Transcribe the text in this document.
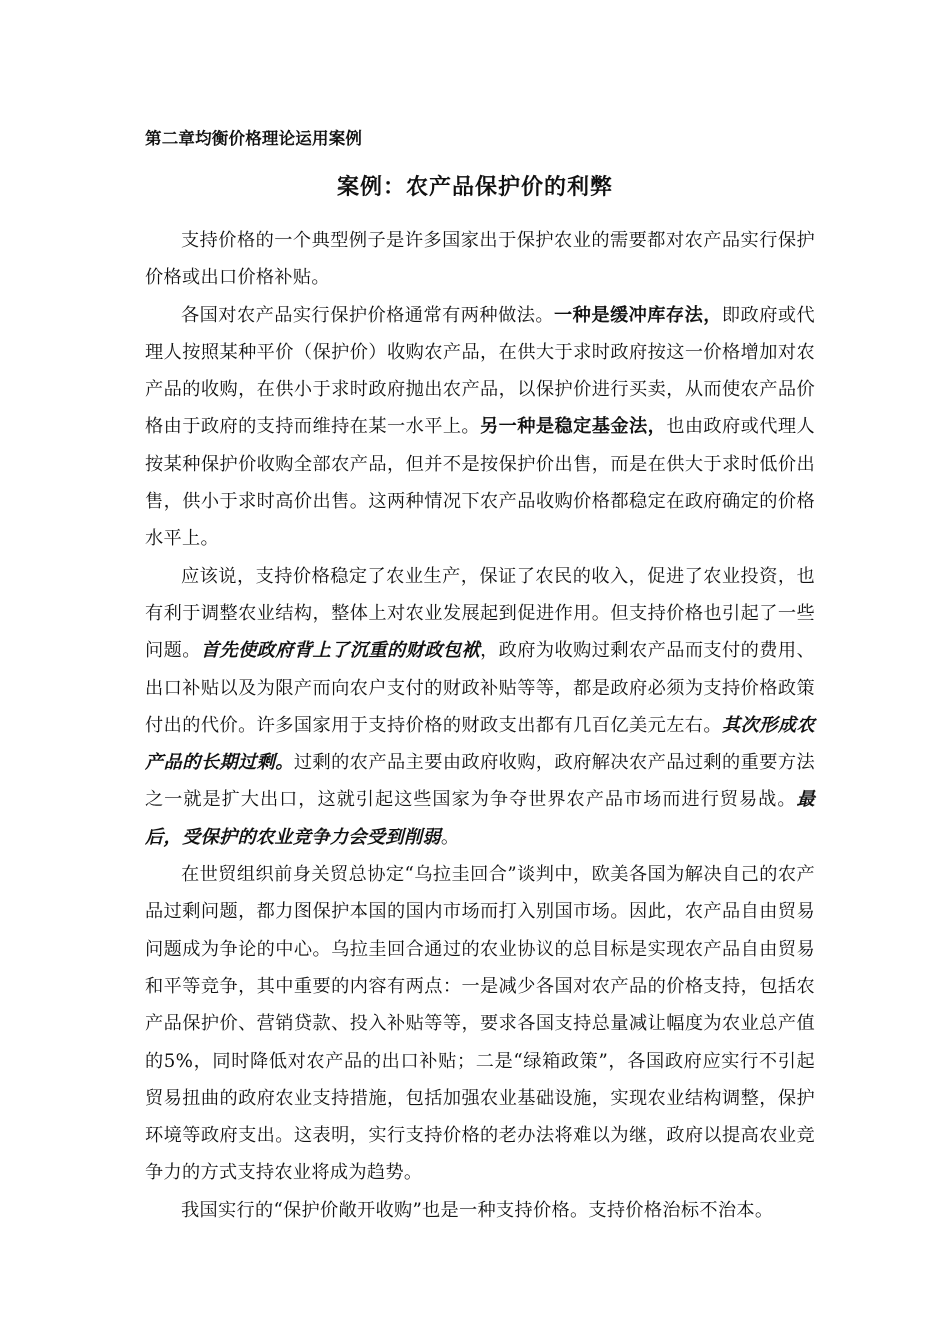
第二章均衡价格理论运用案例
案例：农产品保护价的利弊

支持价格的一个典型例子是许多国家出于保护农业的需要都对农产品实行保护价格或出口价格补贴。

各国对农产品实行保护价格通常有两种做法。一种是缓冲库存法，即政府或代理人按照某种平价（保护价）收购农产品，在供大于求时政府按这一价格增加对农产品的收购，在供小于求时政府抛出农产品，以保护价进行买卖，从而使农产品价格由于政府的支持而维持在某一水平上。另一种是稳定基金法，也由政府或代理人按某种保护价收购全部农产品，但并不是按保护价出售，而是在供大于求时低价出售，供小于求时高价出售。这两种情况下农产品收购价格都稳定在政府确定的价格水平上。

应该说，支持价格稳定了农业生产，保证了农民的收入，促进了农业投资，也有利于调整农业结构，整体上对农业发展起到促进作用。但支持价格也引起了一些问题。首先使政府背上了沉重的财政包袱，政府为收购过剩农产品而支付的费用、出口补贴以及为限产而向农户支付的财政补贴等等，都是政府必须为支持价格政策付出的代价。许多国家用于支持价格的财政支出都有几百亿美元左右。其次形成农产品的长期过剩。过剩的农产品主要由政府收购，政府解决农产品过剩的重要方法之一就是扩大出口，这就引起这些国家为争夺世界农产品市场而进行贸易战。最后，受保护的农业竞争力会受到削弱。

在世贸组织前身关贸总协定“乌拉圭回合”谈判中，欧美各国为解决自己的农产品过剩问题，都力图保护本国的国内市场而打入别国市场。因此，农产品自由贸易问题成为争论的中心。乌拉圭回合通过的农业协议的总目标是实现农产品自由贸易和平等竞争，其中重要的内容有两点：一是减少各国对农产品的价格支持，包括农产品保护价、营销贷款、投入补贴等等，要求各国支持总量减让幅度为农业总产值的5%，同时降低对农产品的出口补贴；二是“绿箱政策”，各国政府应实行不引起贸易扭曲的政府农业支持措施，包括加强农业基础设施，实现农业结构调整，保护环境等政府支出。这表明，实行支持价格的老办法将难以为继，政府以提高农业竞争力的方式支持农业将成为趋势。

我国实行的“保护价敞开收购”也是一种支持价格。支持价格治标不治本。
